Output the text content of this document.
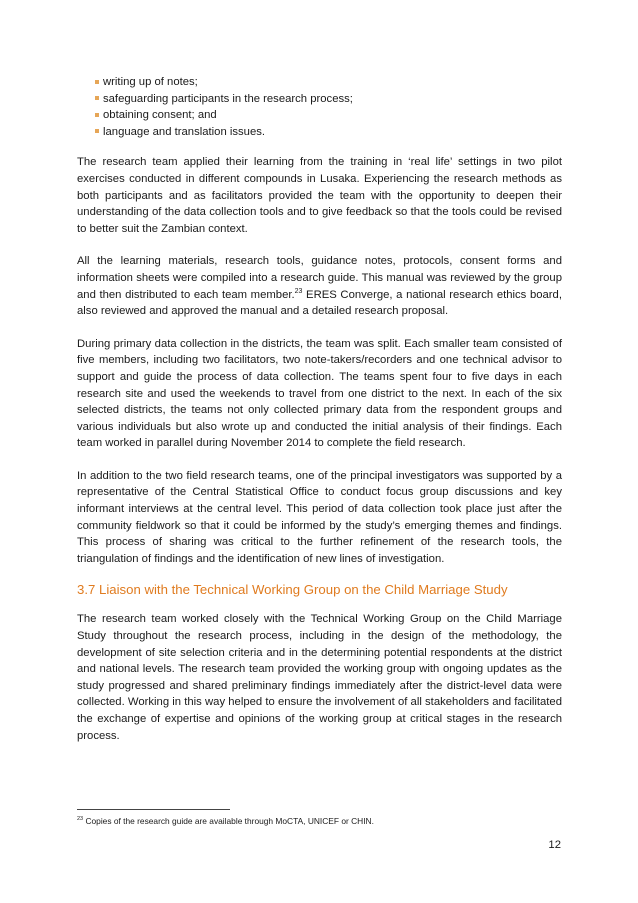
writing up of notes;
safeguarding participants in the research process;
obtaining consent; and
language and translation issues.

The research team applied their learning from the training in ‘real life’ settings in two pilot exercises conducted in different compounds in Lusaka. Experiencing the research methods as both participants and as facilitators provided the team with the opportunity to deepen their understanding of the data collection tools and to give feedback so that the tools could be revised to better suit the Zambian context.

All the learning materials, research tools, guidance notes, protocols, consent forms and information sheets were compiled into a research guide. This manual was reviewed by the group and then distributed to each team member.$^{23}$ ERES Converge, a national research ethics board, also reviewed and approved the manual and a detailed research proposal.

During primary data collection in the districts, the team was split. Each smaller team consisted of five members, including two facilitators, two note-takers/recorders and one technical advisor to support and guide the process of data collection. The teams spent four to five days in each research site and used the weekends to travel from one district to the next. In each of the six selected districts, the teams not only collected primary data from the respondent groups and various individuals but also wrote up and conducted the initial analysis of their findings. Each team worked in parallel during November 2014 to complete the field research.

In addition to the two field research teams, one of the principal investigators was supported by a representative of the Central Statistical Office to conduct focus group discussions and key informant interviews at the central level. This period of data collection took place just after the community fieldwork so that it could be informed by the study’s emerging themes and findings. This process of sharing was critical to the further refinement of the research tools, the triangulation of findings and the identification of new lines of investigation.

3.7 Liaison with the Technical Working Group on the Child Marriage Study

The research team worked closely with the Technical Working Group on the Child Marriage Study throughout the research process, including in the design of the methodology, the development of site selection criteria and in the determining potential respondents at the district and national levels. The research team provided the working group with ongoing updates as the study progressed and shared preliminary findings immediately after the district-level data were collected. Working in this way helped to ensure the involvement of all stakeholders and facilitated the exchange of expertise and opinions of the working group at critical stages in the research process.

$^{23}$ Copies of the research guide are available through MoCTA, UNICEF or CHIN.
12
